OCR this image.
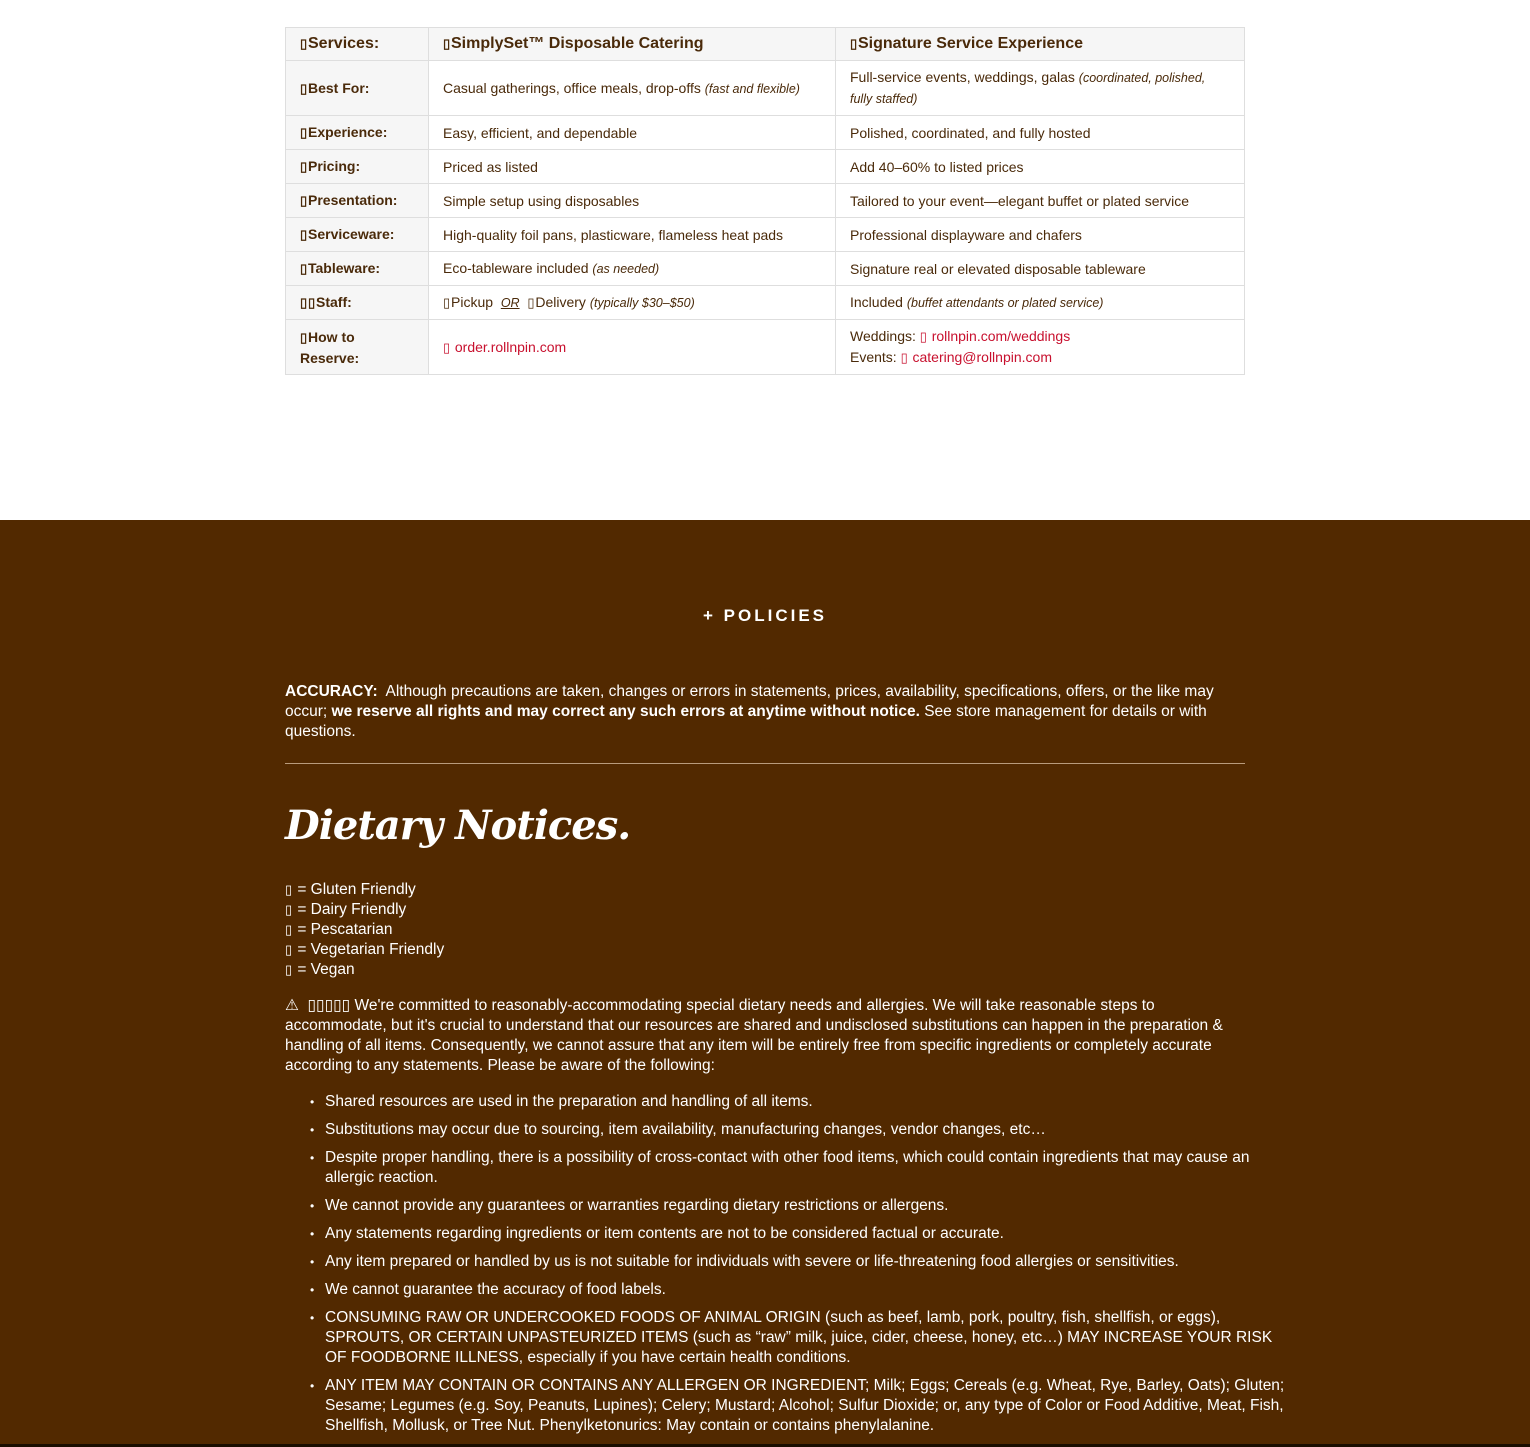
▯Services:	▯SimplySet™ Disposable Catering	▯Signature Service Experience
▯Best For:	Casual gatherings, office meals, drop-offs (fast and flexible)	Full-service events, weddings, galas (coordinated, polished, fully staffed)
▯Experience:	Easy, efficient, and dependable	Polished, coordinated, and fully hosted
▯Pricing:	Priced as listed	Add 40–60% to listed prices
▯Presentation:	Simple setup using disposables	Tailored to your event—elegant buffet or plated service
▯Serviceware:	High-quality foil pans, plasticware, flameless heat pads	Professional displayware and chafers
▯Tableware:	Eco-tableware included (as needed)	Signature real or elevated disposable tableware
▯▯Staff:	▯Pickup OR ▯Delivery (typically $30–$50)	Included (buffet attendants or plated service)
▯How to Reserve:	▯ order.rollnpin.com	Weddings: ▯ rollnpin.com/weddings
Events: ▯ catering@rollnpin.com
+ POLICIES
ACCURACY: Although precautions are taken, changes or errors in statements, prices, availability, specifications, offers, or the like may occur; we reserve all rights and may correct any such errors at anytime without notice. See store management for details or with questions.
Dietary Notices.
▯ = Gluten Friendly
▯ = Dairy Friendly
▯ = Pescatarian
▯ = Vegetarian Friendly
▯ = Vegan
⚠ ▯▯▯▯▯ We're committed to reasonably-accommodating special dietary needs and allergies. We will take reasonable steps to accommodate, but it's crucial to understand that our resources are shared and undisclosed substitutions can happen in the preparation & handling of all items. Consequently, we cannot assure that any item will be entirely free from specific ingredients or completely accurate according to any statements. Please be aware of the following:
• Shared resources are used in the preparation and handling of all items.
• Substitutions may occur due to sourcing, item availability, manufacturing changes, vendor changes, etc…
• Despite proper handling, there is a possibility of cross-contact with other food items, which could contain ingredients that may cause an allergic reaction.
• We cannot provide any guarantees or warranties regarding dietary restrictions or allergens.
• Any statements regarding ingredients or item contents are not to be considered factual or accurate.
• Any item prepared or handled by us is not suitable for individuals with severe or life-threatening food allergies or sensitivities.
• We cannot guarantee the accuracy of food labels.
• CONSUMING RAW OR UNDERCOOKED FOODS OF ANIMAL ORIGIN (such as beef, lamb, pork, poultry, fish, shellfish, or eggs), SPROUTS, OR CERTAIN UNPASTEURIZED ITEMS (such as “raw” milk, juice, cider, cheese, honey, etc…) MAY INCREASE YOUR RISK OF FOODBORNE ILLNESS, especially if you have certain health conditions.
• ANY ITEM MAY CONTAIN OR CONTAINS ANY ALLERGEN OR INGREDIENT; Milk; Eggs; Cereals (e.g. Wheat, Rye, Barley, Oats); Gluten; Sesame; Legumes (e.g. Soy, Peanuts, Lupines); Celery; Mustard; Alcohol; Sulfur Dioxide; or, any type of Color or Food Additive, Meat, Fish, Shellfish, Mollusk, or Tree Nut. Phenylketonurics: May contain or contains phenylalanine.
